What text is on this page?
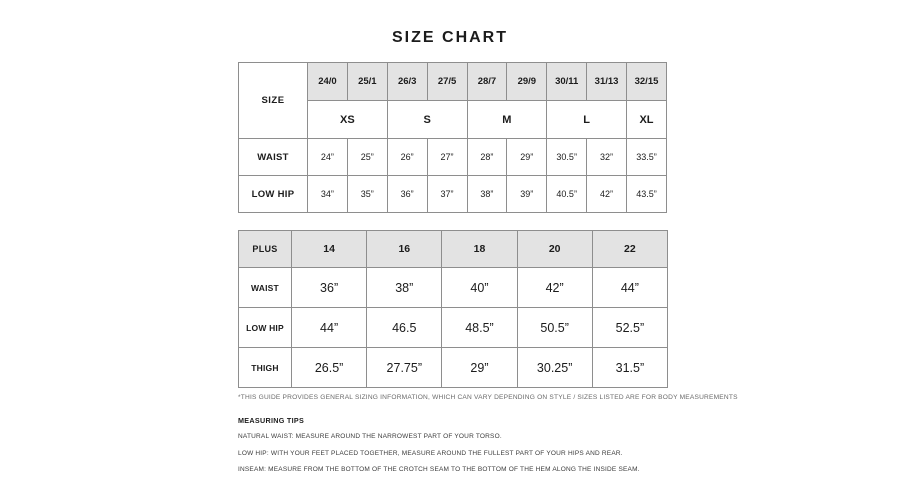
SIZE CHART
SIZE	24/0	25/1	26/3	27/5	28/7	29/9	30/11	31/13	32/15
	XS		S		M		L		XL
WAIST	24”	25”	26”	27”	28”	29”	30.5”	32”	33.5”
LOW HIP	34”	35”	36”	37”	38”	39”	40.5”	42”	43.5”
PLUS	14	16	18	20	22
WAIST	36”	38”	40”	42”	44”
LOW HIP	44”	46.5	48.5”	50.5”	52.5”
THIGH	26.5”	27.75”	29”	30.25”	31.5”
*THIS GUIDE PROVIDES GENERAL SIZING INFORMATION, WHICH CAN VARY DEPENDING ON STYLE / SIZES LISTED ARE FOR BODY MEASUREMENTS
MEASURING TIPS

NATURAL WAIST: MEASURE AROUND THE NARROWEST PART OF YOUR TORSO.

LOW HIP: WITH YOUR FEET PLACED TOGETHER, MEASURE AROUND THE FULLEST PART OF YOUR HIPS AND REAR.

INSEAM: MEASURE FROM THE BOTTOM OF THE CROTCH SEAM TO THE BOTTOM OF THE HEM ALONG THE INSIDE SEAM.
